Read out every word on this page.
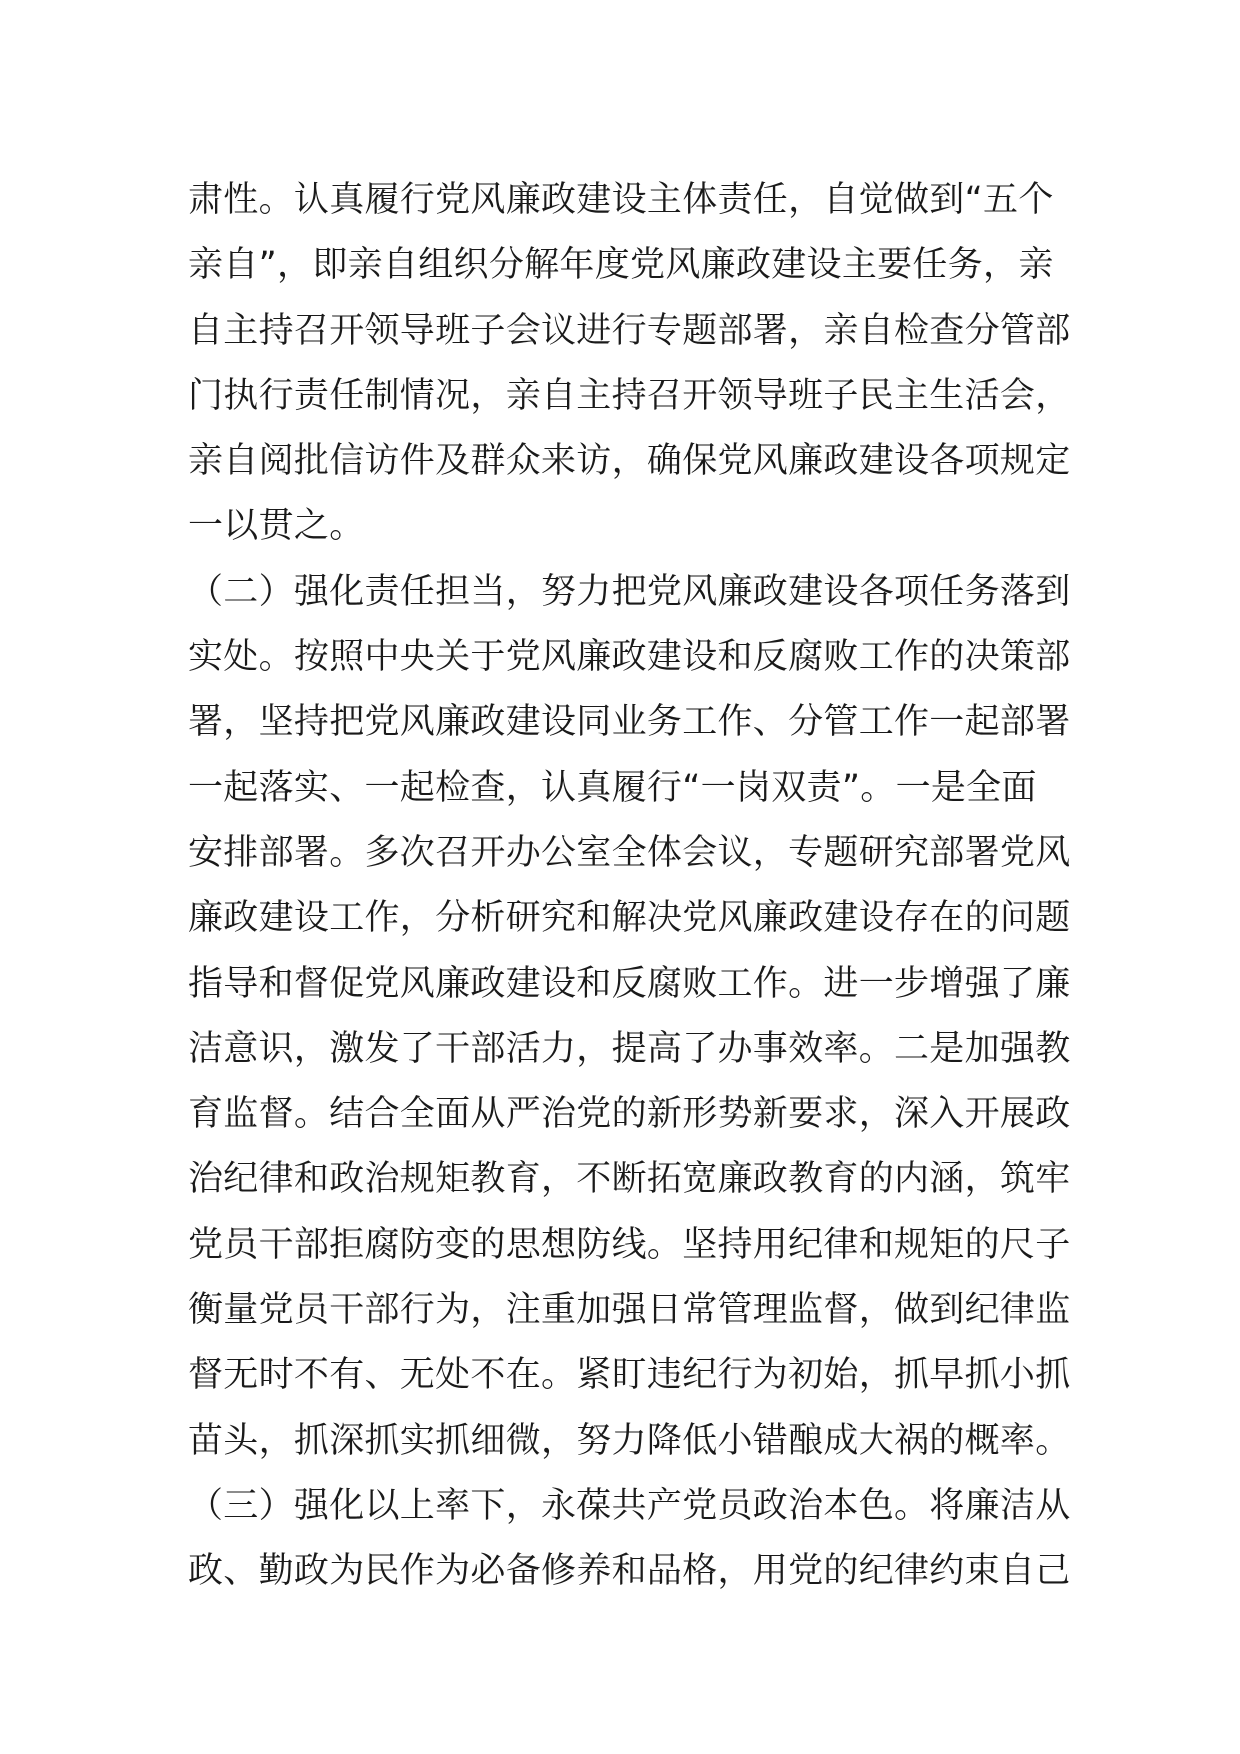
肃性。认真履行党风廉政建设主体责任，自觉做到“五个
亲自”，即亲自组织分解年度党风廉政建设主要任务，亲
自主持召开领导班子会议进行专题部署，亲自检查分管部
门执行责任制情况，亲自主持召开领导班子民主生活会，
亲自阅批信访件及群众来访，确保党风廉政建设各项规定
一以贯之。
（二）强化责任担当，努力把党风廉政建设各项任务落到
实处。按照中央关于党风廉政建设和反腐败工作的决策部
署，坚持把党风廉政建设同业务工作、分管工作一起部署
一起落实、一起检查，认真履行“一岗双责”。一是全面
安排部署。多次召开办公室全体会议，专题研究部署党风
廉政建设工作，分析研究和解决党风廉政建设存在的问题
指导和督促党风廉政建设和反腐败工作。进一步增强了廉
洁意识，激发了干部活力，提高了办事效率。二是加强教
育监督。结合全面从严治党的新形势新要求，深入开展政
治纪律和政治规矩教育，不断拓宽廉政教育的内涵，筑牢
党员干部拒腐防变的思想防线。坚持用纪律和规矩的尺子
衡量党员干部行为，注重加强日常管理监督，做到纪律监
督无时不有、无处不在。紧盯违纪行为初始，抓早抓小抓
苗头，抓深抓实抓细微，努力降低小错酿成大祸的概率。
（三）强化以上率下，永葆共产党员政治本色。将廉洁从
政、勤政为民作为必备修养和品格，用党的纪律约束自己
